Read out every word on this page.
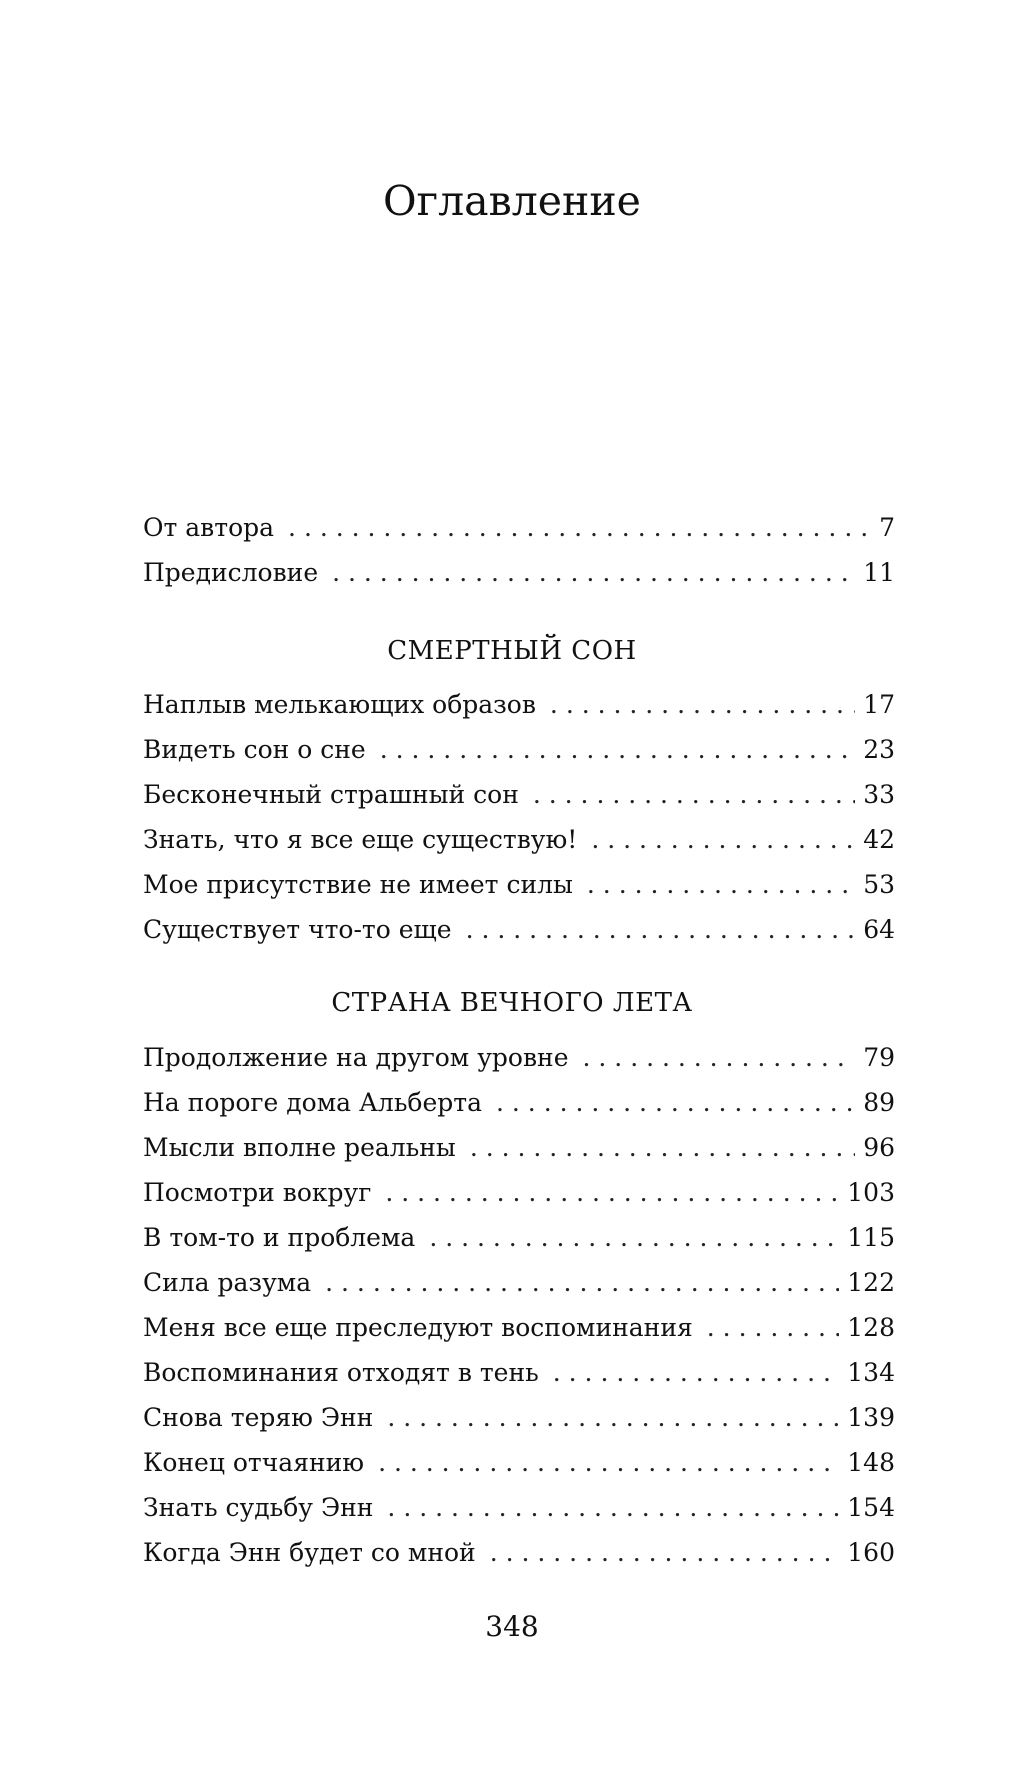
Оглавление
От автора . . .	7
Предисловие . . .	11
СМЕРТНЫЙ СОН
Наплыв мелькающих образов . . .	17
Видеть сон о сне . . .	23
Бесконечный страшный сон . . .	33
Знать, что я все еще существую! . . .	42
Мое присутствие не имеет силы . . .	53
Существует что-то еще . . .	64
СТРАНА ВЕЧНОГО ЛЕТА
Продолжение на другом уровне . . .	79
На пороге дома Альберта . . .	89
Мысли вполне реальны . . .	96
Посмотри вокруг . . .	103
В том-то и проблема . . .	115
Сила разума . . .	122
Меня все еще преследуют воспоминания . . .	128
Воспоминания отходят в тень . . .	134
Снова теряю Энн . . .	139
Конец отчаянию . . .	148
Знать судьбу Энн . . .	154
Когда Энн будет со мной . . .	160
348
